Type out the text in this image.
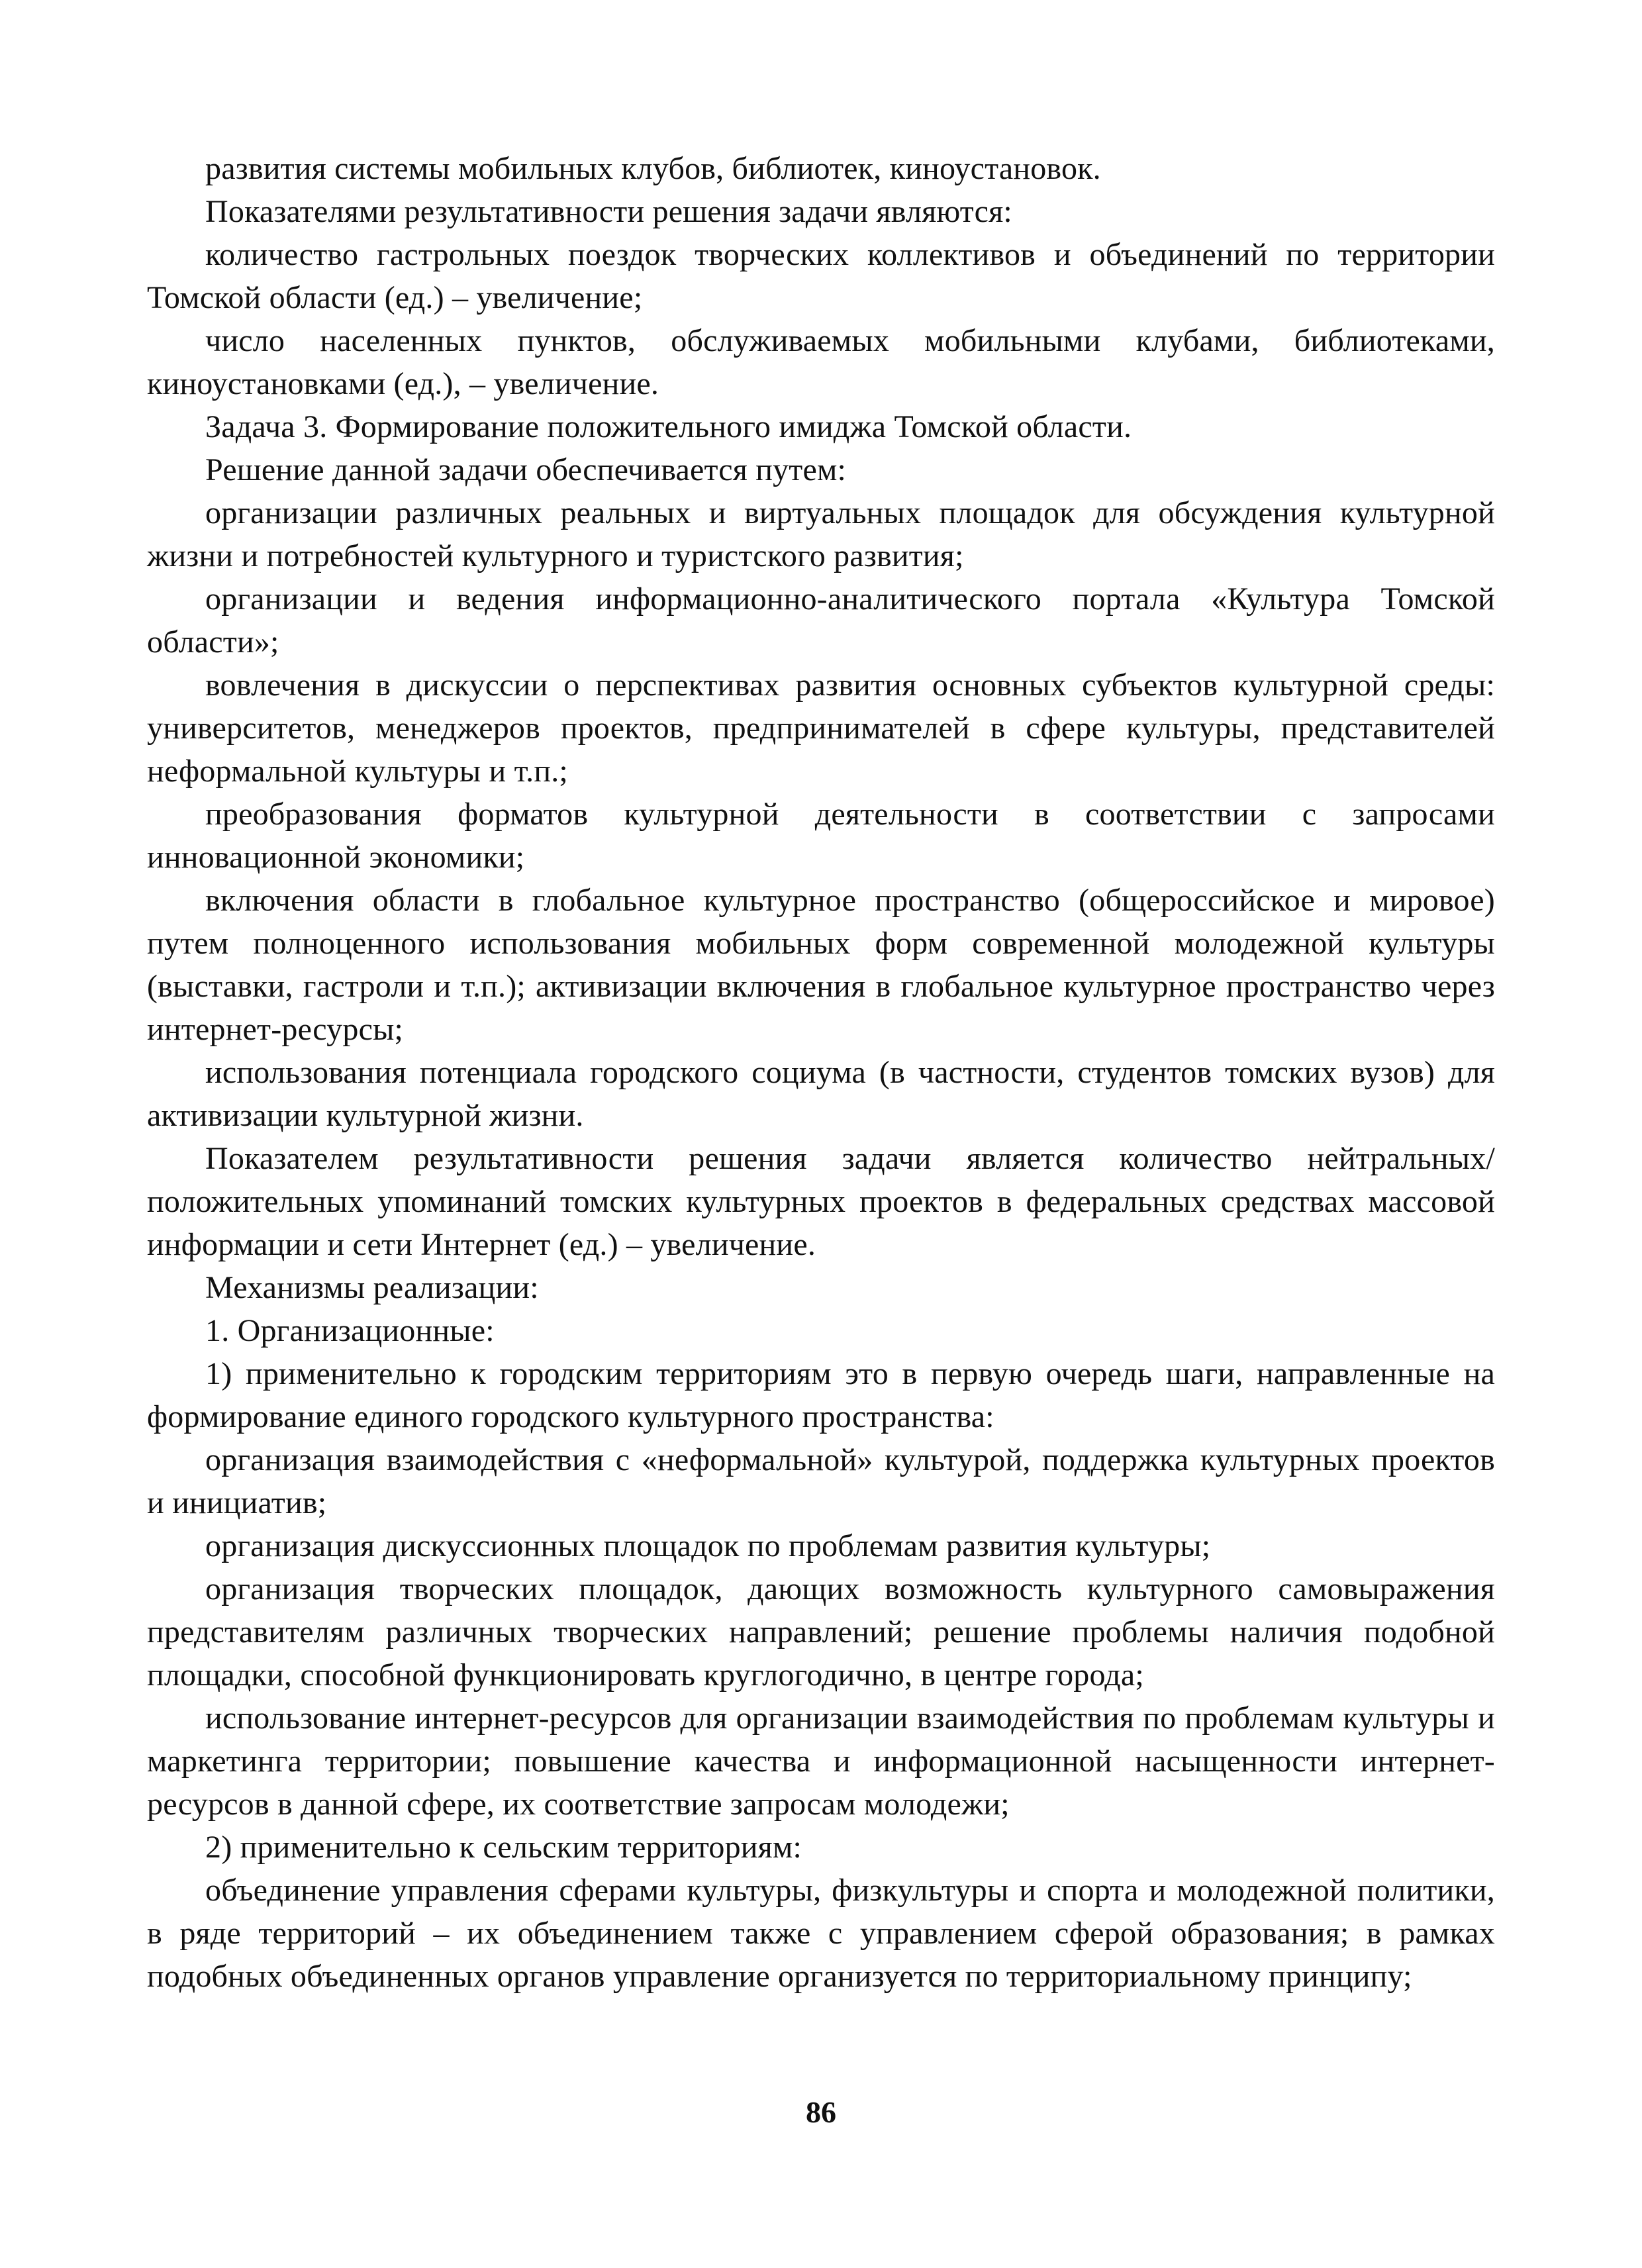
развития системы мобильных клубов, библиотек, киноустановок.

Показателями результативности решения задачи являются:

количество гастрольных поездок творческих коллективов и объединений по территории Томской области (ед.) – увеличение;

число населенных пунктов, обслуживаемых мобильными клубами, библиотеками, киноустановками (ед.), – увеличение.

Задача 3. Формирование положительного имиджа Томской области.

Решение данной задачи обеспечивается путем:

организации различных реальных и виртуальных площадок для обсуждения культурной жизни и потребностей культурного и туристского развития;

организации и ведения информационно-аналитического портала «Культура Томской области»;

вовлечения в дискуссии о перспективах развития основных субъектов культурной среды: университетов, менеджеров проектов, предпринимателей в сфере культуры, представителей неформальной культуры и т.п.;

преобразования форматов культурной деятельности в соответствии с запросами инновационной экономики;

включения области в глобальное культурное пространство (общероссийское и мировое) путем полноценного использования мобильных форм современной молодежной культуры (выставки, гастроли и т.п.); активизации включения в глобальное культурное пространство через интернет-ресурсы;

использования потенциала городского социума (в частности, студентов томских вузов) для активизации культурной жизни.

Показателем результативности решения задачи является количество нейтральных/положительных упоминаний томских культурных проектов в федеральных средствах массовой информации и сети Интернет (ед.) – увеличение.

Механизмы реализации:

1. Организационные:

1) применительно к городским территориям это в первую очередь шаги, направленные на формирование единого городского культурного пространства:

организация взаимодействия с «неформальной» культурой, поддержка культурных проектов и инициатив;

организация дискуссионных площадок по проблемам развития культуры;

организация творческих площадок, дающих возможность культурного самовыражения представителям различных творческих направлений; решение проблемы наличия подобной площадки, способной функционировать круглогодично, в центре города;

использование интернет-ресурсов для организации взаимодействия по проблемам культуры и маркетинга территории; повышение качества и информационной насыщенности интернет-ресурсов в данной сфере, их соответствие запросам молодежи;

2) применительно к сельским территориям:

объединение управления сферами культуры, физкультуры и спорта и молодежной политики, в ряде территорий – их объединением также с управлением сферой образования; в рамках подобных объединенных органов управление организуется по территориальному принципу;

86
